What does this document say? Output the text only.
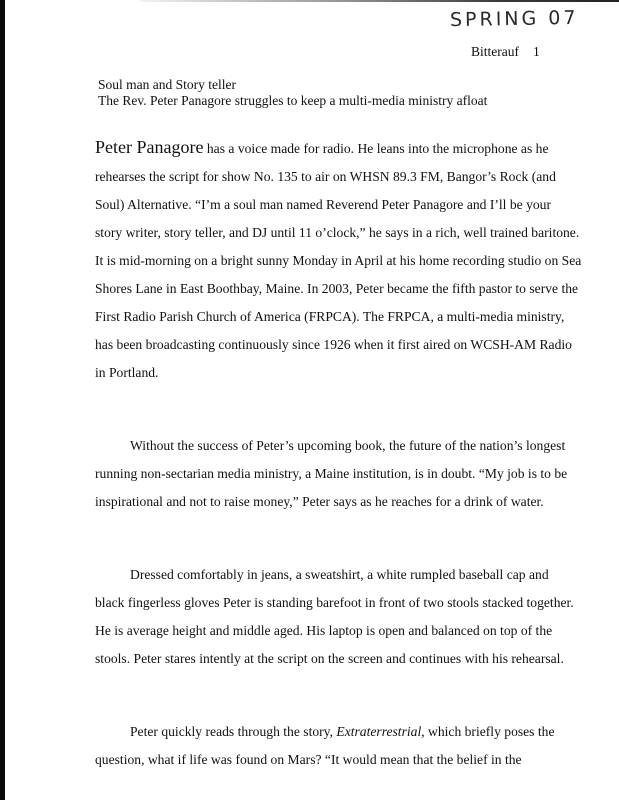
SPRING 07
Bitterauf 1
Soul man and Story teller
The Rev. Peter Panagore struggles to keep a multi-media ministry afloat
Peter Panagore has a voice made for radio. He leans into the microphone as he
rehearses the script for show No. 135 to air on WHSN 89.3 FM, Bangor’s Rock (and
Soul) Alternative. “I’m a soul man named Reverend Peter Panagore and I’ll be your
story writer, story teller, and DJ until 11 o’clock,” he says in a rich, well trained baritone.
It is mid-morning on a bright sunny Monday in April at his home recording studio on Sea
Shores Lane in East Boothbay, Maine. In 2003, Peter became the fifth pastor to serve the
First Radio Parish Church of America (FRPCA). The FRPCA, a multi-media ministry,
has been broadcasting continuously since 1926 when it first aired on WCSH-AM Radio
in Portland.
Without the success of Peter’s upcoming book, the future of the nation’s longest
running non-sectarian media ministry, a Maine institution, is in doubt. “My job is to be
inspirational and not to raise money,” Peter says as he reaches for a drink of water.
Dressed comfortably in jeans, a sweatshirt, a white rumpled baseball cap and
black fingerless gloves Peter is standing barefoot in front of two stools stacked together.
He is average height and middle aged. His laptop is open and balanced on top of the
stools. Peter stares intently at the script on the screen and continues with his rehearsal.
Peter quickly reads through the story, Extraterrestrial, which briefly poses the
question, what if life was found on Mars? “It would mean that the belief in the
